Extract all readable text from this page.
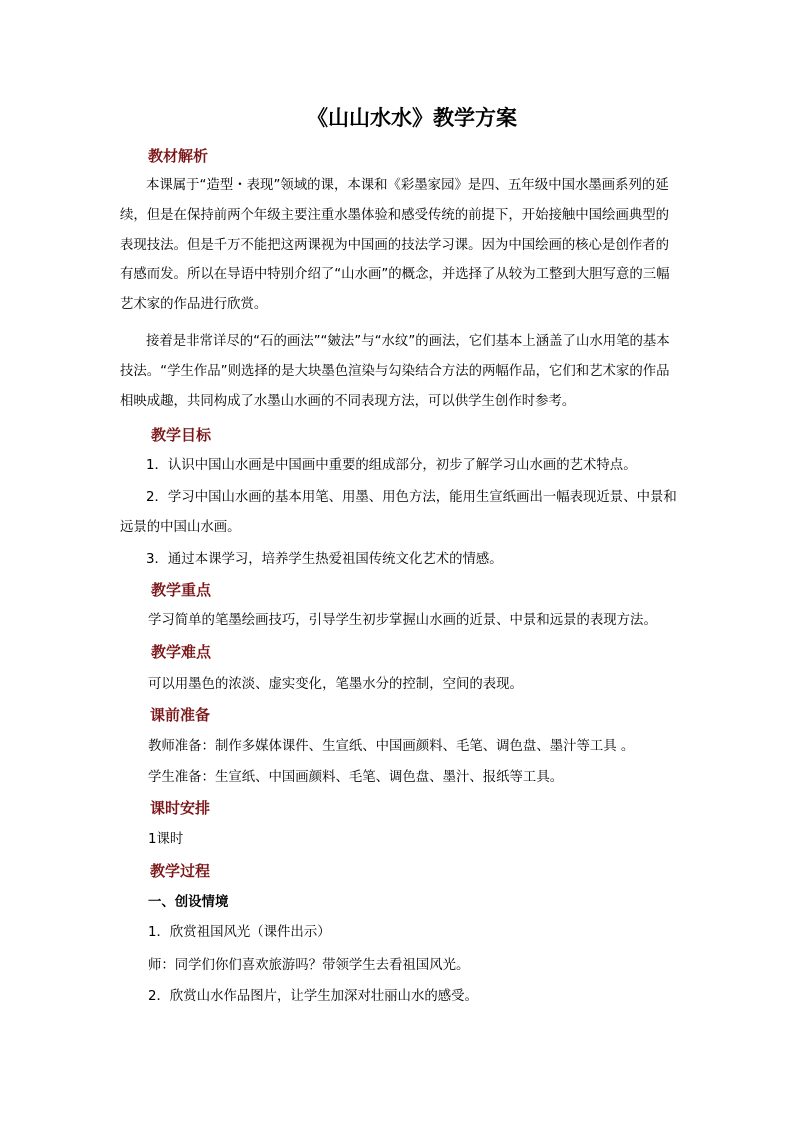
《山山水水》教学方案
教材解析

本课属于“造型・表现”领域的课，本课和《彩墨家园》是四、五年级中国水墨画系列的延续，但是在保持前两个年级主要注重水墨体验和感受传统的前提下，开始接触中国绘画典型的表现技法。但是千万不能把这两课视为中国画的技法学习课。因为中国绘画的核心是创作者的有感而发。所以在导语中特别介绍了“山水画”的概念，并选择了从较为工整到大胆写意的三幅艺术家的作品进行欣赏。

接着是非常详尽的“石的画法”“皴法”与“水纹”的画法，它们基本上涵盖了山水用笔的基本技法。“学生作品”则选择的是大块墨色渲染与勾染结合方法的两幅作品，它们和艺术家的作品相映成趣，共同构成了水墨山水画的不同表现方法，可以供学生创作时参考。

教学目标

1．认识中国山水画是中国画中重要的组成部分，初步了解学习山水画的艺术特点。

2．学习中国山水画的基本用笔、用墨、用色方法，能用生宣纸画出一幅表现近景、中景和远景的中国山水画。

3．通过本课学习，培养学生热爱祖国传统文化艺术的情感。

教学重点

学习简单的笔墨绘画技巧，引导学生初步掌握山水画的近景、中景和远景的表现方法。

教学难点

可以用墨色的浓淡、虚实变化，笔墨水分的控制，空间的表现。

课前准备

教师准备：制作多媒体课件、生宣纸、中国画颜料、毛笔、调色盘、墨汁等工具 。

学生准备：生宣纸、中国画颜料、毛笔、调色盘、墨汁、报纸等工具。

课时安排

1课时

教学过程

一、创设情境

1．欣赏祖国风光（课件出示）

师：同学们你们喜欢旅游吗？带领学生去看祖国风光。

2．欣赏山水作品图片，让学生加深对壮丽山水的感受。
